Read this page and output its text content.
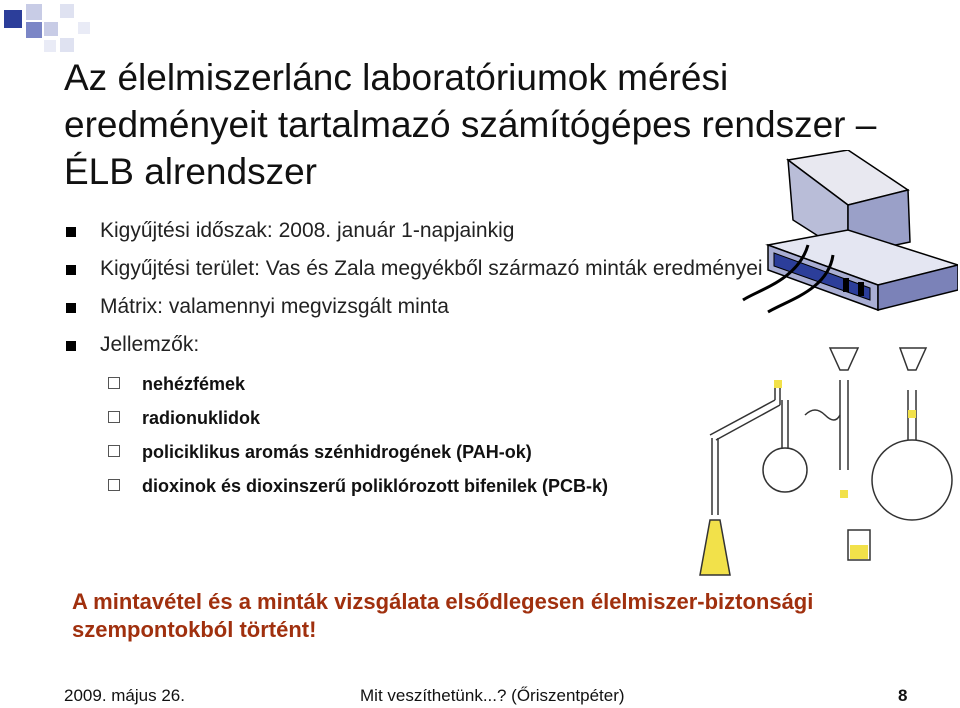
Az élelmiszerlánc laboratóriumok mérési eredményeit tartalmazó számítógépes rendszer – ÉLB alrendszer
Kigyűjtési időszak: 2008. január 1-napjainkig
Kigyűjtési terület: Vas és Zala megyékből származó minták eredményei
Mátrix: valamennyi megvizsgált minta
Jellemzők:
nehézfémek
radionuklidok
policiklikus aromás szénhidrogének (PAH-ok)
dioxinok és dioxinszerű poliklórozott bifenilek (PCB-k)

A mintavétel és a minták vizsgálata elsődlegesen élelmiszer-biztonsági szempontokból történt!

2009. május 26.	Mit veszíthetünk...? (Őriszentpéter)	8
